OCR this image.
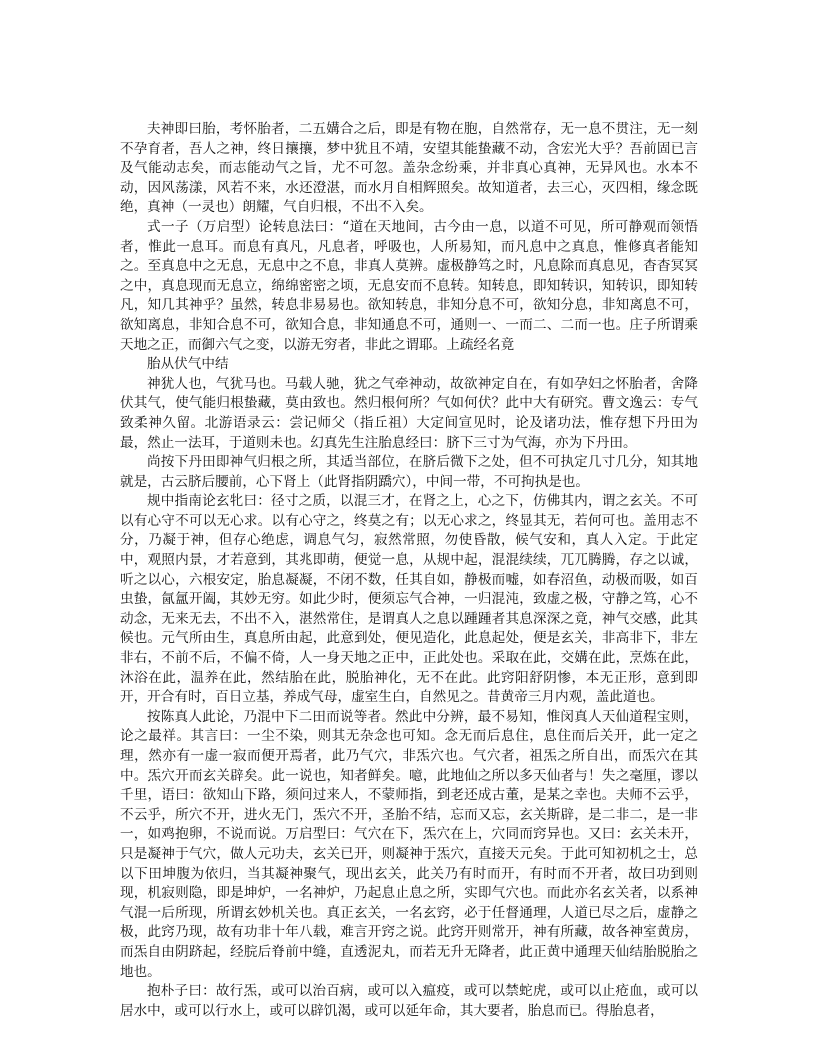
夫神即曰胎，考怀胎者，二五媾合之后，即是有物在胞，自然常存，无一息不贯注，无一刻不孕育者，吾人之神，终日攘攘，梦中犹且不靖，安望其能蛰藏不动，含宏光大乎？吾前固已言及气能动志矣，而志能动气之旨，尤不可忽。盖杂念纷乘，并非真心真神，无异风也。水本不动，因风荡漾，风若不来，水还澄湛，而水月自相辉照矣。故知道者，去三心，灭四相，缘念既绝，真神（一灵也）朗耀，气自归根，不出不入矣。

式一子（万启型）论转息法曰：“道在天地间，古今由一息，以道不可见，所可静观而领悟者，惟此一息耳。而息有真凡，凡息者，呼吸也，人所易知，而凡息中之真息，惟修真者能知之。至真息中之无息，无息中之不息，非真人莫辨。虚极静笃之时，凡息除而真息见，杳杳冥冥之中，真息现而无息立，绵绵密密之顷，无息安而不息转。知转息，即知转识，知转识，即知转凡，知几其神乎？虽然，转息非易易也。欲知转息，非知分息不可，欲知分息，非知离息不可，欲知离息，非知合息不可，欲知合息，非知通息不可，通则一、一而二、二而一也。庄子所谓乘天地之正，而御六气之变，以游无穷者，非此之谓耶。上疏经名竟

胎从伏气中结

神犹人也，气犹马也。马载人驰，犹之气牵神动，故欲神定自在，有如孕妇之怀胎者，舍降伏其气，使气能归根蛰藏，莫由致也。然归根何所？气如何伏？此中大有研究。曹文逸云：专气致柔神久留。北游语录云：尝记师父（指丘祖）大定间宣见时，论及诸功法，惟存想下丹田为最，然止一法耳，于道则未也。幻真先生注胎息经曰：脐下三寸为气海，亦为下丹田。

尚按下丹田即神气归根之所，其适当部位，在脐后微下之处，但不可执定几寸几分，知其地就是，古云脐后腰前，心下肾上（此肾指阴蹻穴），中间一带，不可拘执是也。

规中指南论玄牝曰：径寸之质，以混三才，在肾之上，心之下，仿佛其内，谓之玄关。不可以有心守不可以无心求。以有心守之，终莫之有；以无心求之，终显其无，若何可也。盖用志不分，乃凝于神，但存心绝虑，调息气匀，寂然常照，勿使昏散，候气安和，真人入定。于此定中，观照内景，才若意到，其兆即萌，便觉一息，从规中起，混混续续，兀兀腾腾，存之以诚，听之以心，六根安定，胎息凝凝，不闭不数，任其自如，静极而嘘，如春沼鱼，动极而吸，如百虫蛰，氤氲开阖，其妙无穷。如此少时，便须忘气合神，一归混沌，致虚之极，守静之笃，心不动念，无来无去，不出不入，湛然常住，是谓真人之息以踵踵者其息深深之竟，神气交感，此其候也。元气所由生，真息所由起，此意到处，便见造化，此息起处，便是玄关，非高非下，非左非右，不前不后，不偏不倚，人一身天地之正中，正此处也。采取在此，交媾在此，烹炼在此，沐浴在此，温养在此，然结胎在此，脱胎神化，无不在此。此窍阳舒阴惨，本无正形，意到即开，开合有时，百日立基，养成气母，虚室生白，自然见之。昔黄帝三月内观，盖此道也。

按陈真人此论，乃混中下二田而说等者。然此中分辨，最不易知，惟闵真人天仙道程宝则，论之最祥。其言曰：一尘不染，则其无杂念也可知。念无而后息住，息住而后关开，此一定之理，然亦有一虚一寂而便开焉者，此乃气穴，非炁穴也。气穴者，祖炁之所自出，而炁穴在其中。炁穴开而玄关辟矣。此一说也，知者鲜矣。噫，此地仙之所以多天仙者与！失之毫厘，谬以千里，语曰：欲知山下路，须问过来人，不蒙师指，到老还成古董，是某之幸也。夫师不云乎，不云乎，所穴不开，进火无门，炁穴不开，圣胎不结，忘而又忘，玄关斯辟，是二非二，是一非一，如鸡抱卵，不说而说。万启型曰：气穴在下，炁穴在上，穴同而窍异也。又曰：玄关未开，只是凝神于气穴，做人元功夫，玄关已开，则凝神于炁穴，直接天元矣。于此可知初机之士，总以下田坤腹为依归，当其凝神聚气，现出玄关，此关乃有时而开，有时而不开者，故曰功到则现，机寂则隐，即是坤炉，一名神炉，乃起息止息之所，实即气穴也。而此亦名玄关者，以系神气混一后所现，所谓玄妙机关也。真正玄关，一名玄窍，必于任督通理，人道已尽之后，虚静之极，此窍乃现，故有功非十年八载，难言开窍之说。此窍开则常开，神有所藏，故各神室黄房，而炁自由阴跻起，经脘后脊前中缝，直透泥丸，而若无升无降者，此正黄中通理天仙结胎脱胎之地也。

抱朴子曰：故行炁，或可以治百病，或可以入瘟疫，或可以禁蛇虎，或可以止疮血，或可以居水中，或可以行水上，或可以辟饥渴，或可以延年命，其大要者，胎息而已。得胎息者，
